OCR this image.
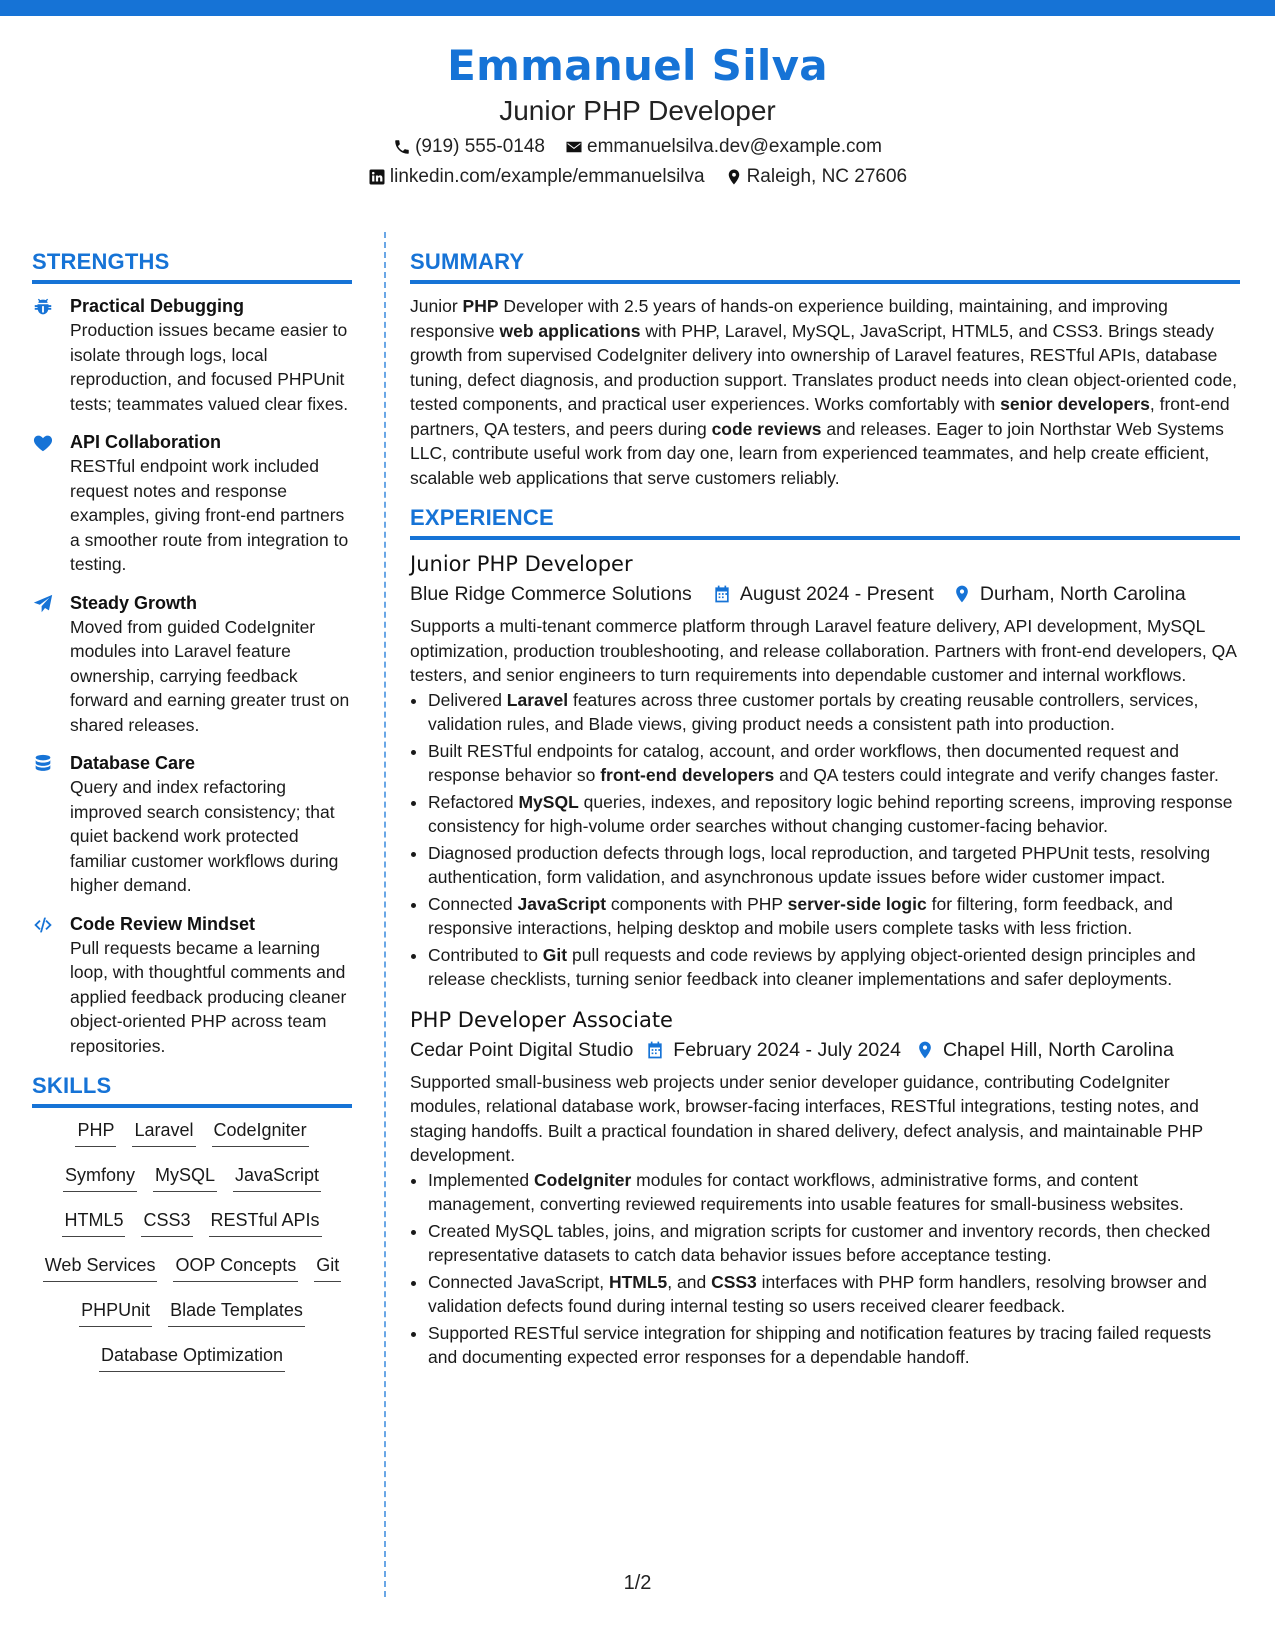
Emmanuel Silva
Junior PHP Developer
(919) 555-0148 emmanuelsilva.dev@example.com
linkedin.com/example/emmanuelsilva Raleigh, NC 27606
STRENGTHS
Practical Debugging
Production issues became easier to isolate through logs, local reproduction, and focused PHPUnit tests; teammates valued clear fixes.
API Collaboration
RESTful endpoint work included request notes and response examples, giving front-end partners a smoother route from integration to testing.
Steady Growth
Moved from guided CodeIgniter modules into Laravel feature ownership, carrying feedback forward and earning greater trust on shared releases.
Database Care
Query and index refactoring improved search consistency; that quiet backend work protected familiar customer workflows during higher demand.
Code Review Mindset
Pull requests became a learning loop, with thoughtful comments and applied feedback producing cleaner object-oriented PHP across team repositories.
SKILLS
PHP Laravel CodeIgniter
Symfony MySQL JavaScript
HTML5 CSS3 RESTful APIs
Web Services OOP Concepts Git
PHPUnit Blade Templates
Database Optimization
SUMMARY

Junior PHP Developer with 2.5 years of hands-on experience building, maintaining, and improving responsive web applications with PHP, Laravel, MySQL, JavaScript, HTML5, and CSS3. Brings steady growth from supervised CodeIgniter delivery into ownership of Laravel features, RESTful APIs, database tuning, defect diagnosis, and production support. Translates product needs into clean object-oriented code, tested components, and practical user experiences. Works comfortably with senior developers, front-end partners, QA testers, and peers during code reviews and releases. Eager to join Northstar Web Systems LLC, contribute useful work from day one, learn from experienced teammates, and help create efficient, scalable web applications that serve customers reliably.

EXPERIENCE
Junior PHP Developer
Blue Ridge Commerce Solutions August 2024 - Present Durham, North Carolina

Supports a multi-tenant commerce platform through Laravel feature delivery, API development, MySQL optimization, production troubleshooting, and release collaboration. Partners with front-end developers, QA testers, and senior engineers to turn requirements into dependable customer and internal workflows.

• Delivered Laravel features across three customer portals by creating reusable controllers, services, validation rules, and Blade views, giving product needs a consistent path into production.
• Built RESTful endpoints for catalog, account, and order workflows, then documented request and response behavior so front-end developers and QA testers could integrate and verify changes faster.
• Refactored MySQL queries, indexes, and repository logic behind reporting screens, improving response consistency for high-volume order searches without changing customer-facing behavior.
• Diagnosed production defects through logs, local reproduction, and targeted PHPUnit tests, resolving authentication, form validation, and asynchronous update issues before wider customer impact.
• Connected JavaScript components with PHP server-side logic for filtering, form feedback, and responsive interactions, helping desktop and mobile users complete tasks with less friction.
• Contributed to Git pull requests and code reviews by applying object-oriented design principles and release checklists, turning senior feedback into cleaner implementations and safer deployments.
PHP Developer Associate
Cedar Point Digital Studio February 2024 - July 2024 Chapel Hill, North Carolina

Supported small-business web projects under senior developer guidance, contributing CodeIgniter modules, relational database work, browser-facing interfaces, RESTful integrations, testing notes, and staging handoffs. Built a practical foundation in shared delivery, defect analysis, and maintainable PHP development.

• Implemented CodeIgniter modules for contact workflows, administrative forms, and content management, converting reviewed requirements into usable features for small-business websites.
• Created MySQL tables, joins, and migration scripts for customer and inventory records, then checked representative datasets to catch data behavior issues before acceptance testing.
• Connected JavaScript, HTML5, and CSS3 interfaces with PHP form handlers, resolving browser and validation defects found during internal testing so users received clearer feedback.
• Supported RESTful service integration for shipping and notification features by tracing failed requests and documenting expected error responses for a dependable handoff.
1/2
